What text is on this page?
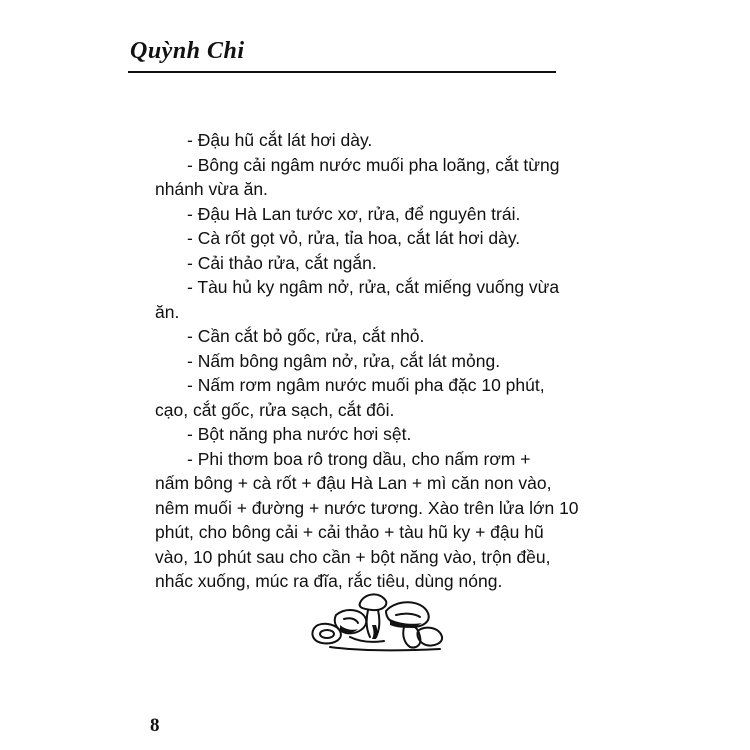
Quỳnh Chi
- Đậu hũ cắt lát hơi dày.
- Bông cải ngâm nước muối pha loãng, cắt từng
nhánh vừa ăn.
- Đậu Hà Lan tước xơ, rửa, để nguyên trái.
- Cà rốt gọt vỏ, rửa, tỉa hoa, cắt lát hơi dày.
- Cải thảo rửa, cắt ngắn.
- Tàu hủ ky ngâm nở, rửa, cắt miếng vuống vừa
ăn.
- Cần cắt bỏ gốc, rửa, cắt nhỏ.
- Nấm bông ngâm nở, rửa, cắt lát mỏng.
- Nấm rơm ngâm nước muối pha đặc 10 phút,
cạo, cắt gốc, rửa sạch, cắt đôi.
- Bột năng pha nước hơi sệt.
- Phi thơm boa rô trong dầu, cho nấm rơm +
nấm bông + cà rốt + đậu Hà Lan + mì căn non vào,
nêm muối + đường + nước tương. Xào trên lửa lớn 10
phút, cho bông cải + cải thảo + tàu hũ ky + đậu hũ
vào, 10 phút sau cho cần + bột năng vào, trộn đều,
nhấc xuống, múc ra đĩa, rắc tiêu, dùng nóng.
8
